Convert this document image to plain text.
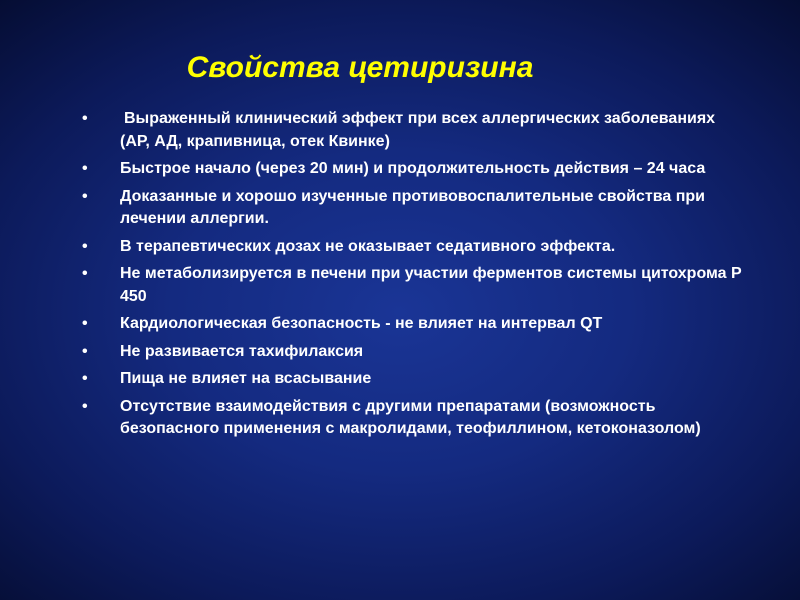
Свойства цетиризина
• Выраженный клинический эффект при всех аллергических заболеваниях (АР, АД, крапивница, отек Квинке)
• Быстрое начало (через 20 мин) и продолжительность действия – 24 часа
• Доказанные и хорошо изученные противовоспалительные свойства при лечении аллергии.
• В терапевтических дозах не оказывает седативного эффекта.
• Не метаболизируется в печени при участии ферментов системы цитохрома Р 450
• Кардиологическая безопасность - не влияет на интервал QT
• Не развивается тахифилаксия
• Пища не влияет на всасывание
• Отсутствие взаимодействия с другими препаратами (возможность безопасного применения с макролидами, теофиллином, кетоконазолом)
